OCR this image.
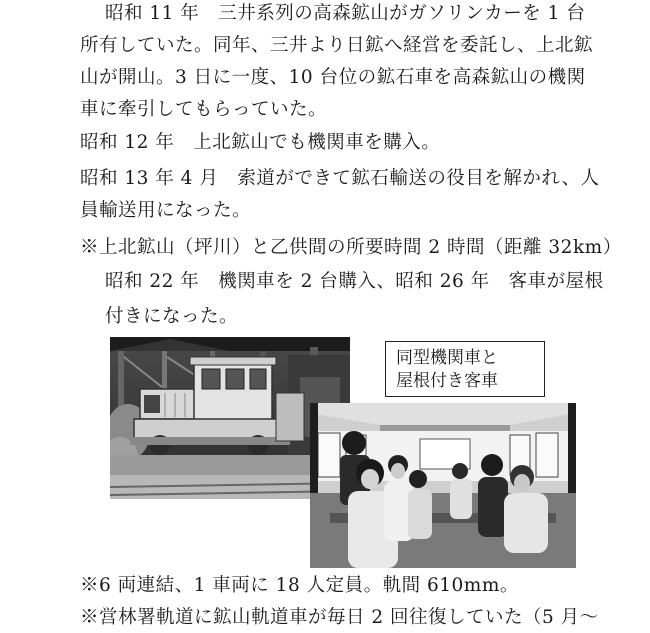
昭和 11 年　三井系列の高森鉱山がガソリンカーを 1 台
所有していた。同年、三井より日鉱へ経営を委託し、上北鉱
山が開山。3 日に一度、10 台位の鉱石車を高森鉱山の機関
車に牽引してもらっていた。
昭和 12 年　上北鉱山でも機関車を購入。
昭和 13 年 4 月　索道ができて鉱石輸送の役目を解かれ、人
員輸送用になった。
※上北鉱山（坪川）と乙供間の所要時間 2 時間（距離 32km）
昭和 22 年　機関車を 2 台購入、昭和 26 年　客車が屋根
付きになった。
同型機関車と
屋根付き客車
※6 両連結、1 車両に 18 人定員。軌間 610mm。
※営林署軌道に鉱山軌道車が毎日 2 回往復していた（5 月～
